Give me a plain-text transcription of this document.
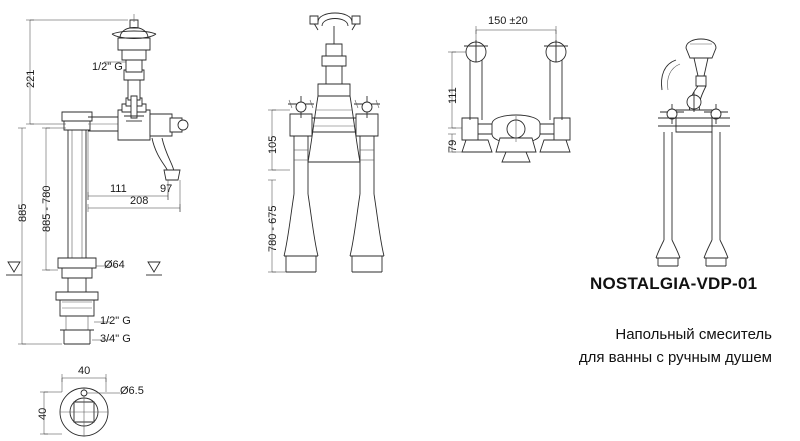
221
1/2" G
885 885 - 780	111	97
208
Ø64
1/2" G
3/4" G
105
780 - 675
150 ±20
111
79
40
40
Ø6.5
NOSTALGIA-VDP-01
Напольный смеситель
для ванны с ручным душем
